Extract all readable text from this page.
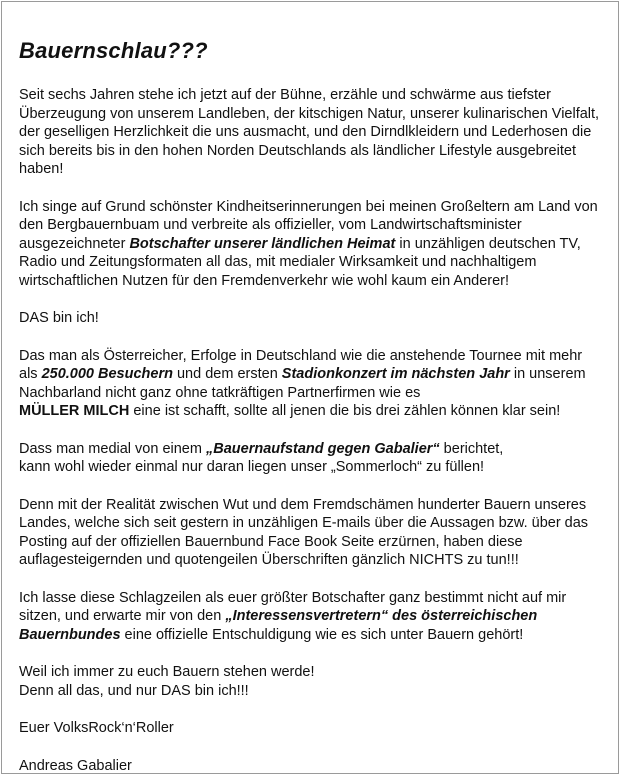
Bauernschlau???

Seit sechs Jahren stehe ich jetzt auf der Bühne, erzähle und schwärme aus tiefster
Überzeugung von unserem Landleben, der kitschigen Natur, unserer kulinarischen Vielfalt,
der geselligen Herzlichkeit die uns ausmacht, und den Dirndlkleidern und Lederhosen die
sich bereits bis in den hohen Norden Deutschlands als ländlicher Lifestyle ausgebreitet
haben!

Ich singe auf Grund schönster Kindheitserinnerungen bei meinen Großeltern am Land von
den Bergbauernbuam und verbreite als offizieller, vom Landwirtschaftsminister
ausgezeichneter Botschafter unserer ländlichen Heimat in unzähligen deutschen TV,
Radio und Zeitungsformaten all das, mit medialer Wirksamkeit und nachhaltigem
wirtschaftlichen Nutzen für den Fremdenverkehr wie wohl kaum ein Anderer!

DAS bin ich!

Das man als Österreicher, Erfolge in Deutschland wie die anstehende Tournee mit mehr
als 250.000 Besuchern und dem ersten Stadionkonzert im nächsten Jahr in unserem
Nachbarland nicht ganz ohne tatkräftigen Partnerfirmen wie es
MÜLLER MILCH eine ist schafft, sollte all jenen die bis drei zählen können klar sein!

Dass man medial von einem „Bauernaufstand gegen Gabalier“ berichtet,
kann wohl wieder einmal nur daran liegen unser „Sommerloch“ zu füllen!

Denn mit der Realität zwischen Wut und dem Fremdschämen hunderter Bauern unseres
Landes, welche sich seit gestern in unzähligen E-mails über die Aussagen bzw. über das
Posting auf der offiziellen Bauernbund Face Book Seite erzürnen, haben diese
auflagesteigernden und quotengeilen Überschriften gänzlich NICHTS zu tun!!!

Ich lasse diese Schlagzeilen als euer größter Botschafter ganz bestimmt nicht auf mir
sitzen, und erwarte mir von den „Interessensvertretern“ des österreichischen
Bauernbundes eine offizielle Entschuldigung wie es sich unter Bauern gehört!

Weil ich immer zu euch Bauern stehen werde!
Denn all das, und nur DAS bin ich!!!

Euer VolksRock‘n‘Roller

Andreas Gabalier
